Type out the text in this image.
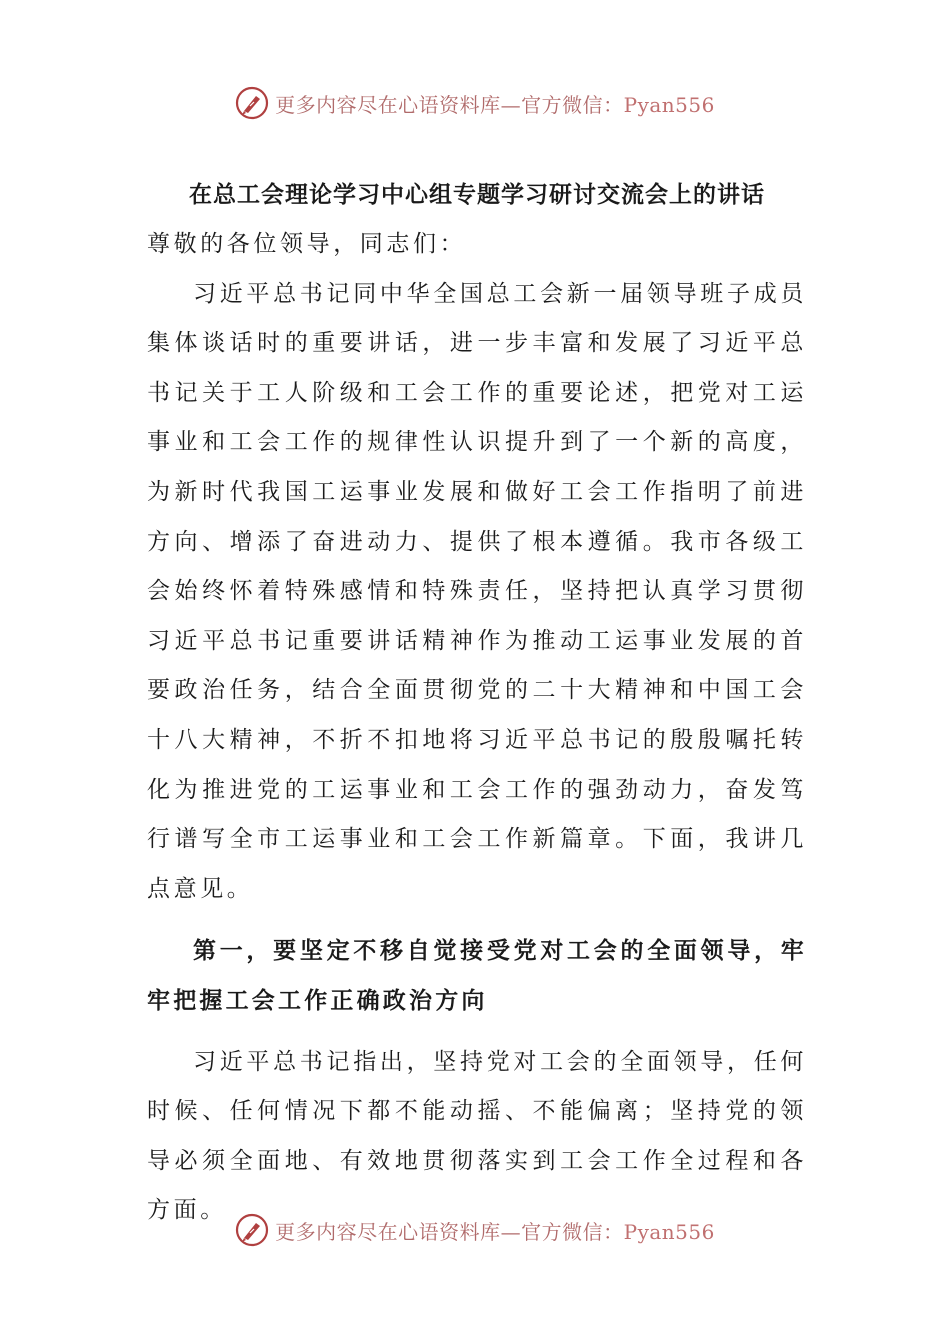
更多内容尽在心语资料库—官方微信：Pyan556
在总工会理论学习中心组专题学习研讨交流会上的讲话

尊敬的各位领导，同志们：

习近平总书记同中华全国总工会新一届领导班子成员集体谈话时的重要讲话，进一步丰富和发展了习近平总书记关于工人阶级和工会工作的重要论述，把党对工运事业和工会工作的规律性认识提升到了一个新的高度，为新时代我国工运事业发展和做好工会工作指明了前进方向、增添了奋进动力、提供了根本遵循。我市各级工会始终怀着特殊感情和特殊责任，坚持把认真学习贯彻习近平总书记重要讲话精神作为推动工运事业发展的首要政治任务，结合全面贯彻党的二十大精神和中国工会十八大精神，不折不扣地将习近平总书记的殷殷嘱托转化为推进党的工运事业和工会工作的强劲动力，奋发笃行谱写全市工运事业和工会工作新篇章。下面，我讲几点意见。

第一，要坚定不移自觉接受党对工会的全面领导，牢牢把握工会工作正确政治方向

习近平总书记指出，坚持党对工会的全面领导，任何时候、任何情况下都不能动摇、不能偏离；坚持党的领导必须全面地、有效地贯彻落实到工会工作全过程和各方面。

更多内容尽在心语资料库—官方微信：Pyan556
